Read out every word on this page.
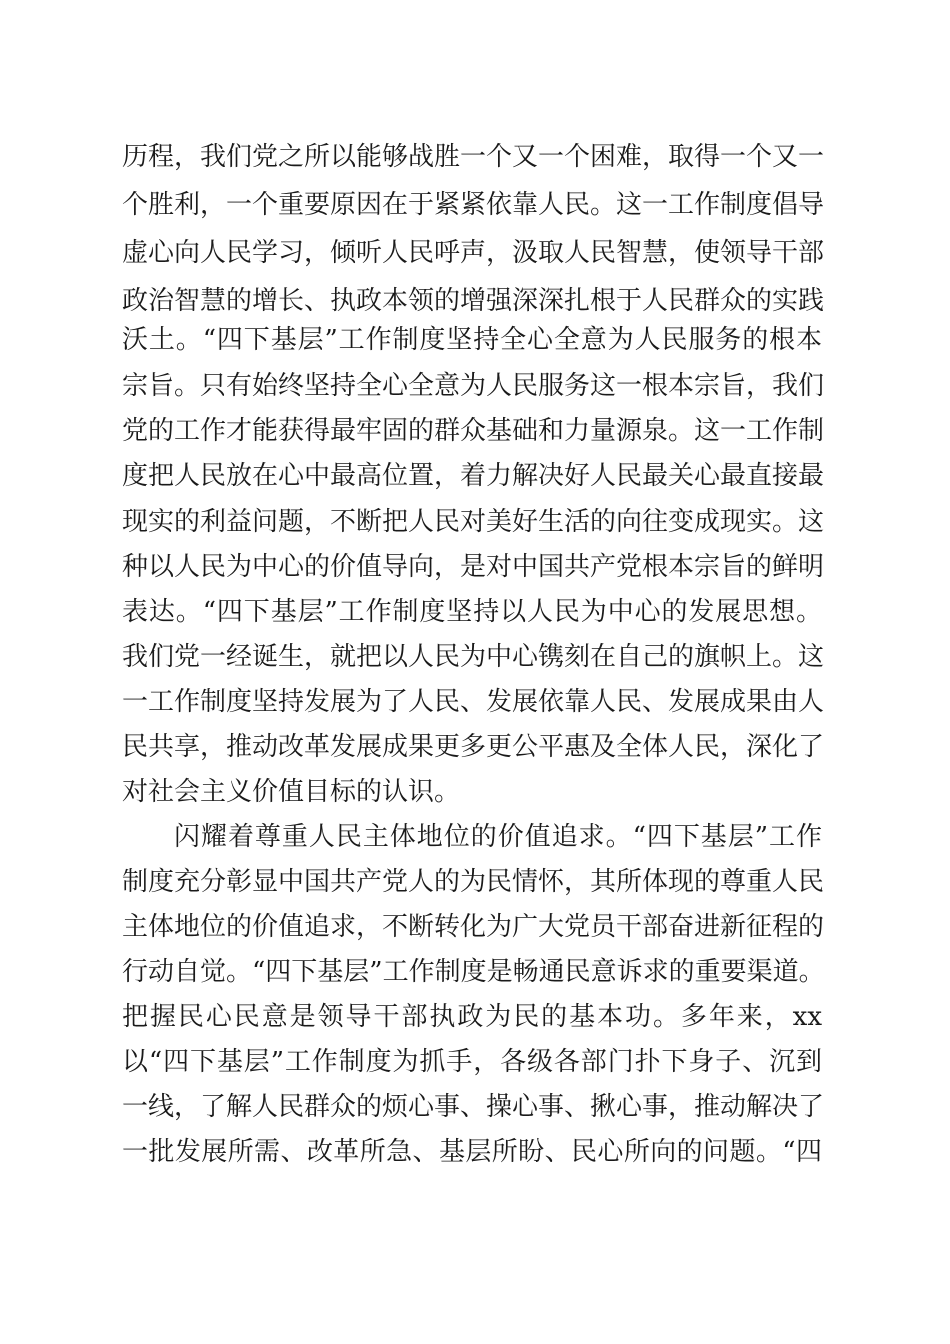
历程，我们党之所以能够战胜一个又一个困难，取得一个又一
个胜利，一个重要原因在于紧紧依靠人民。这一工作制度倡导
虚心向人民学习，倾听人民呼声，汲取人民智慧，使领导干部
政治智慧的增长、执政本领的增强深深扎根于人民群众的实践
沃土。“四下基层”工作制度坚持全心全意为人民服务的根本
宗旨。只有始终坚持全心全意为人民服务这一根本宗旨，我们
党的工作才能获得最牢固的群众基础和力量源泉。这一工作制
度把人民放在心中最高位置，着力解决好人民最关心最直接最
现实的利益问题，不断把人民对美好生活的向往变成现实。这
种以人民为中心的价值导向，是对中国共产党根本宗旨的鲜明
表达。“四下基层”工作制度坚持以人民为中心的发展思想。
我们党一经诞生，就把以人民为中心镌刻在自己的旗帜上。这
一工作制度坚持发展为了人民、发展依靠人民、发展成果由人
民共享，推动改革发展成果更多更公平惠及全体人民，深化了
对社会主义价值目标的认识。
闪耀着尊重人民主体地位的价值追求。“四下基层”工作
制度充分彰显中国共产党人的为民情怀，其所体现的尊重人民
主体地位的价值追求，不断转化为广大党员干部奋进新征程的
行动自觉。“四下基层”工作制度是畅通民意诉求的重要渠道。
把握民心民意是领导干部执政为民的基本功。多年来，xx
以“四下基层”工作制度为抓手，各级各部门扑下身子、沉到
一线，了解人民群众的烦心事、操心事、揪心事，推动解决了
一批发展所需、改革所急、基层所盼、民心所向的问题。“四
